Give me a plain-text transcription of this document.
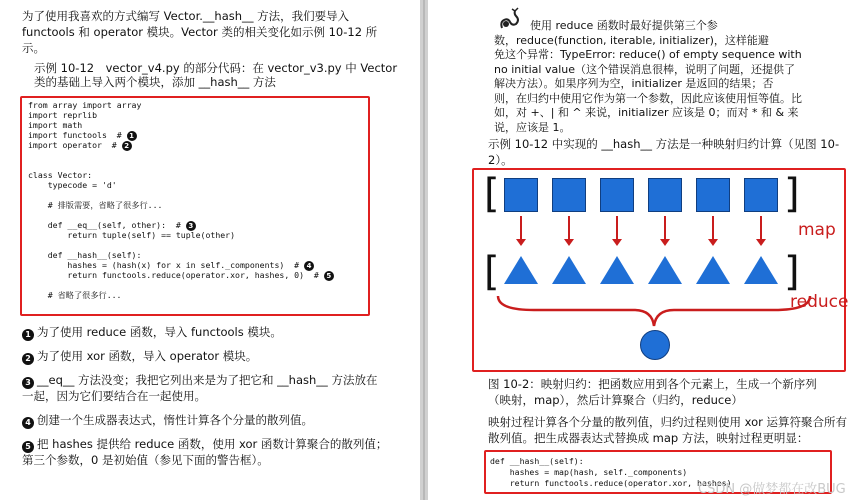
为了使用我喜欢的方式编写 Vector.__hash__ 方法，我们要导入
functools 和 operator 模块。Vector 类的相关变化如示例 10-12 所
示。
示例 10-12　vector_v4.py 的部分代码：在 vector_v3.py 中 Vector
类的基础上导入两个模块，添加 __hash__ 方法
from array import array
import reprlib
import math
import functools  # 1
import operator  # 2
class Vector:
typecode = 'd'
# 排版需要，省略了很多行...
def __eq__(self, other):  # 3
return tuple(self) == tuple(other)
def __hash__(self):
hashes = (hash(x) for x in self._components)  # 4
return functools.reduce(operator.xor, hashes, 0)  # 5
# 省略了很多行...
1 为了使用 reduce 函数，导入 functools 模块。
2 为了使用 xor 函数，导入 operator 模块。
3 __eq__ 方法没变；我把它列出来是为了把它和 __hash__ 方法放在
一起，因为它们要结合在一起使用。
4 创建一个生成器表达式，惰性计算各个分量的散列值。
5 把 hashes 提供给 reduce 函数，使用 xor 函数计算聚合的散列值；
第三个参数，0 是初始值（参见下面的警告框）。
示例 10-12 中实现的 __hash__ 方法是一种映射归约计算（见图 10-
2）。
图 10-2：映射归约：把函数应用到各个元素上，生成一个新序列
（映射，map），然后计算聚合（归约，reduce）
映射过程计算各个分量的散列值，归约过程则使用 xor 运算符聚合所有
散列值。把生成器表达式替换成 map 方法，映射过程更明显：
def __hash__(self):
hashes = map(hash, self._components)
return functools.reduce(operator.xor, hashes)
CSDN @做梦都在改BUG
使用 reduce 函数时最好提供第三个参
数，reduce(function, iterable, initializer)，这样能避
免这个异常：TypeError: reduce() of empty sequence with
no initial value（这个错误消息很棒，说明了问题，还提供了
解决方法）。如果序列为空，initializer 是返回的结果；否
则，在归约中使用它作为第一个参数，因此应该使用恒等值。比
如，对 +、| 和 ^ 来说，initializer 应该是 0；而对 * 和 & 来
说，应该是 1。
[	]
[	]
map
reduce
